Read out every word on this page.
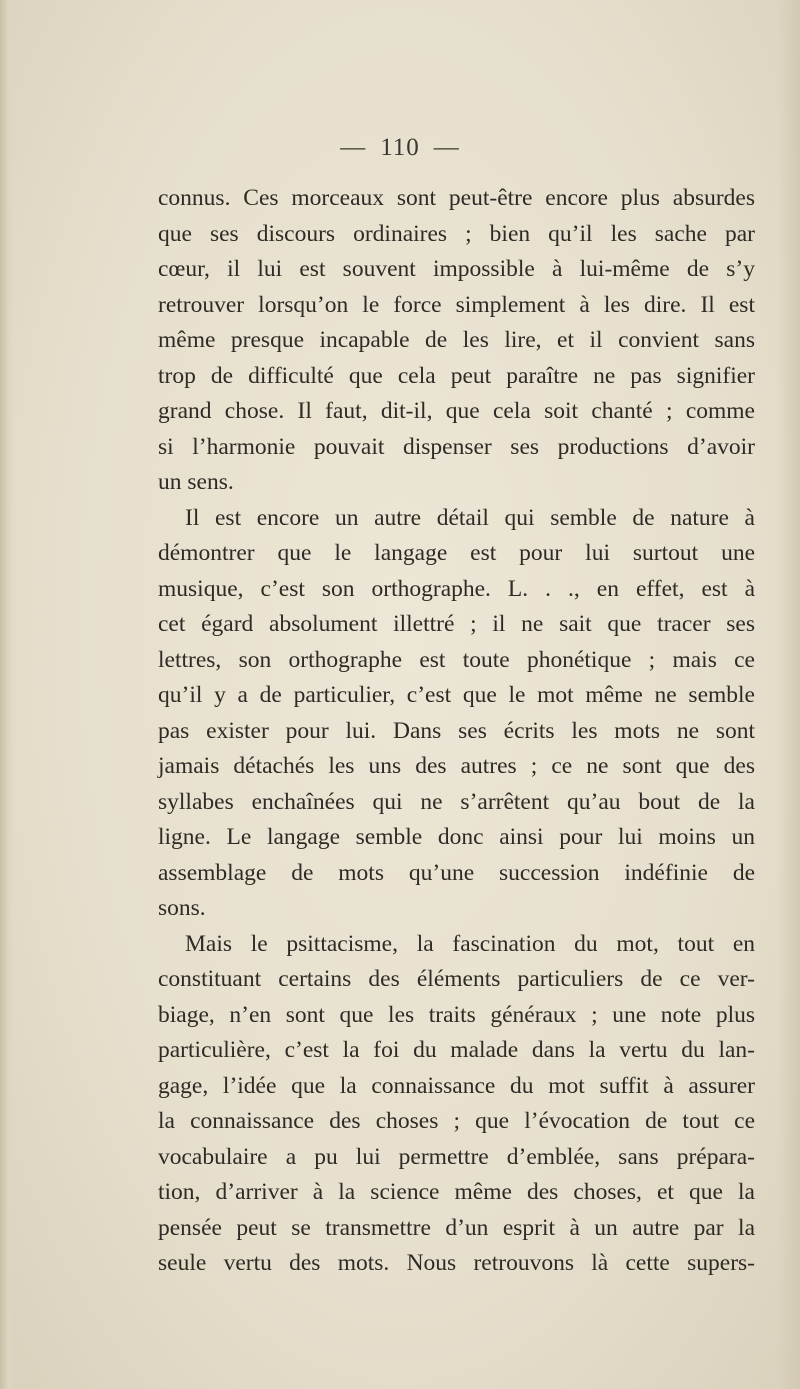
— 110 —
connus. Ces morceaux sont peut-être encore plus absurdes
que ses discours ordinaires ; bien qu’il les sache par
cœur, il lui est souvent impossible à lui-même de s’y
retrouver lorsqu’on le force simplement à les dire. Il est
même presque incapable de les lire, et il convient sans
trop de difficulté que cela peut paraître ne pas signifier
grand chose. Il faut, dit-il, que cela soit chanté ; comme
si l’harmonie pouvait dispenser ses productions d’avoir
un sens.
Il est encore un autre détail qui semble de nature à
démontrer que le langage est pour lui surtout une
musique, c’est son orthographe. L. . ., en effet, est à
cet égard absolument illettré ; il ne sait que tracer ses
lettres, son orthographe est toute phonétique ; mais ce
qu’il y a de particulier, c’est que le mot même ne semble
pas exister pour lui. Dans ses écrits les mots ne sont
jamais détachés les uns des autres ; ce ne sont que des
syllabes enchaînées qui ne s’arrêtent qu’au bout de la
ligne. Le langage semble donc ainsi pour lui moins un
assemblage de mots qu’une succession indéfinie de
sons.
Mais le psittacisme, la fascination du mot, tout en
constituant certains des éléments particuliers de ce ver-
biage, n’en sont que les traits généraux ; une note plus
particulière, c’est la foi du malade dans la vertu du lan-
gage, l’idée que la connaissance du mot suffit à assurer
la connaissance des choses ; que l’évocation de tout ce
vocabulaire a pu lui permettre d’emblée, sans prépara-
tion, d’arriver à la science même des choses, et que la
pensée peut se transmettre d’un esprit à un autre par la
seule vertu des mots. Nous retrouvons là cette supers-
